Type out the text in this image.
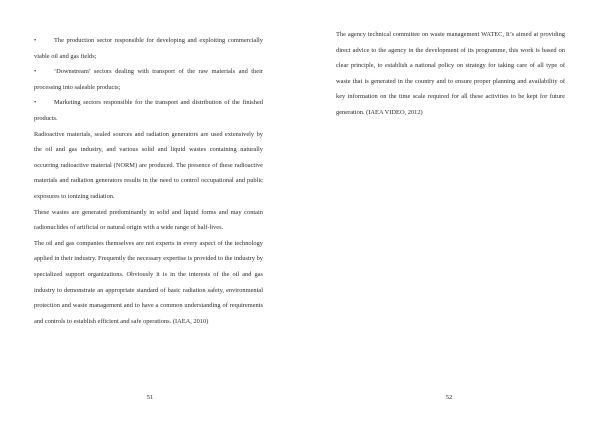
•	The production sector responsible for developing and exploiting commercially viable oil and gas fields;

•	‘Downstream’ sectors dealing with transport of the raw materials and their processing into saleable products;

•	Marketing sectors responsible for the transport and distribution of the finished products.

Radioactive materials, sealed sources and radiation generators are used extensively by the oil and gas industry, and various solid and liquid wastes containing naturally occurring radioactive material (NORM) are produced. The presence of these radioactive materials and radiation generators results in the need to control occupational and public exposures to ionizing radiation.

These wastes are generated predominantly in solid and liquid forms and may contain radionuclides of artificial or natural origin with a wide range of half-lives.

The oil and gas companies themselves are not experts in every aspect of the technology applied in their industry. Frequently the necessary expertise is provided to the industry by specialized support organizations. Obviously it is in the interests of the oil and gas industry to demonstrate an appropriate standard of basic radiation safety, environmental protection and waste management and to have a common understanding of requirements and controls to establish efficient and safe operations. (IAEA, 2010)

51

The agency technical committee on waste management WATEC, It’s aimed at providing direct advice to the agency in the development of its programme, this work is based on clear principle, to establish a national policy on strategy for taking care of all type of waste that is generated in the country and to ensure proper planning and availability of key information on the time scale required for all these activities to be kept for future generation. (IAEA VIDEO, 2012)

52
